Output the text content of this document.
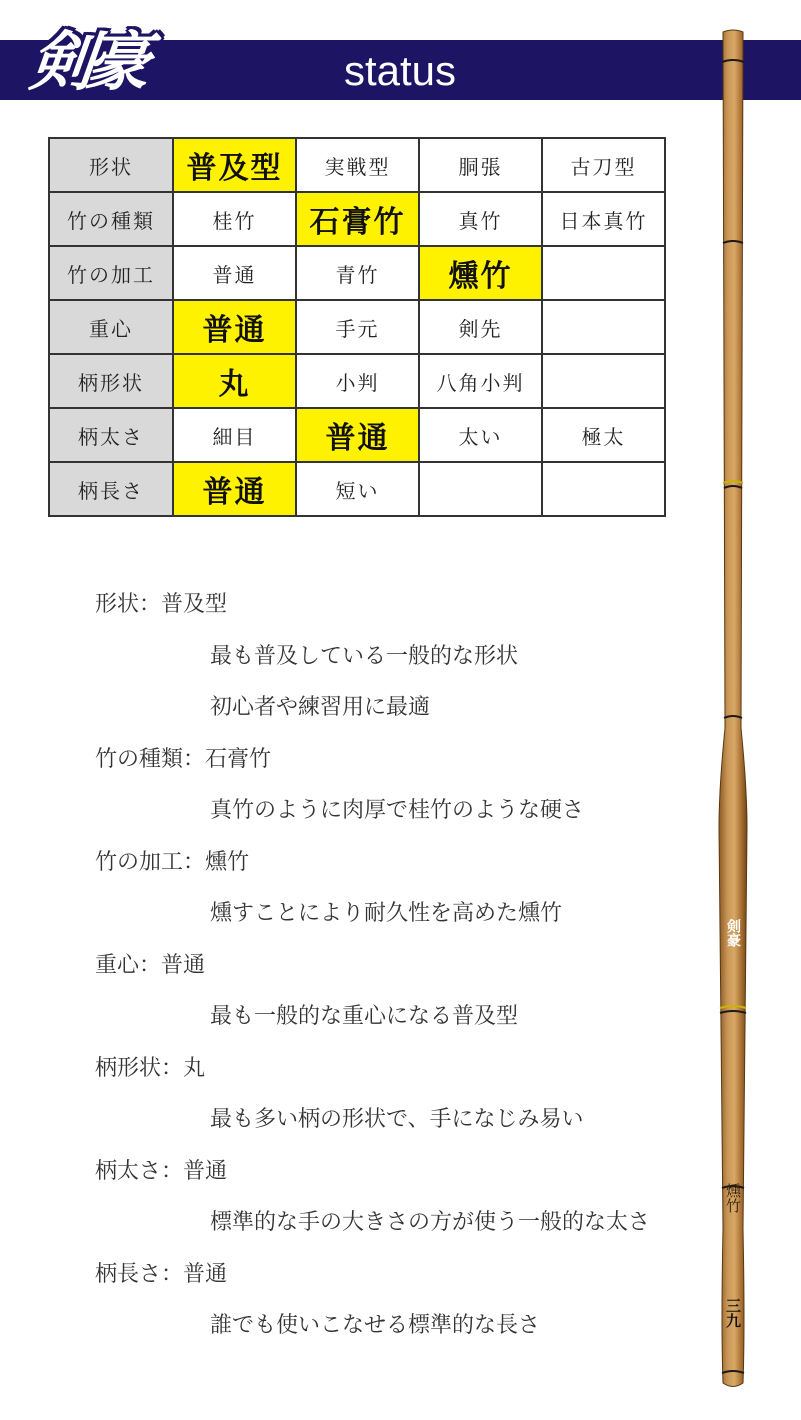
剣豪	status
形状	普及型	実戦型	胴張	古刀型
竹の種類	桂竹	石膏竹	真竹	日本真竹
竹の加工	普通	青竹	燻竹	
重心	普通	手元	剣先	
柄形状	丸	小判	八角小判	
柄太さ	細目	普通	太い	極太
柄長さ	普通	短い		
形状：普及型
最も普及している一般的な形状
初心者や練習用に最適
竹の種類：石膏竹
真竹のように肉厚で桂竹のような硬さ
竹の加工：燻竹
燻すことにより耐久性を高めた燻竹
重心：普通
最も一般的な重心になる普及型
柄形状：丸
最も多い柄の形状で、手になじみ易い
柄太さ：普通
標準的な手の大きさの方が使う一般的な太さ
柄長さ：普通
誰でも使いこなせる標準的な長さ
剣豪
燻竹
三九
